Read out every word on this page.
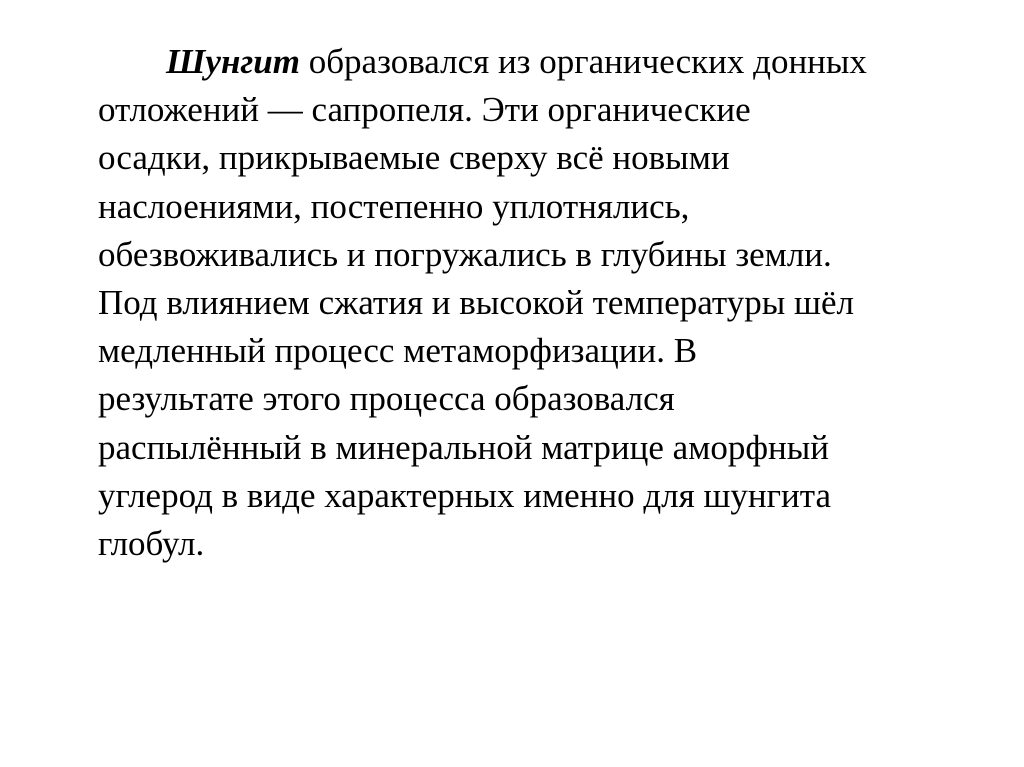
Шунгит образовался из органических донных
отложений — сапропеля. Эти органические
осадки, прикрываемые сверху всё новыми
наслоениями, постепенно уплотнялись,
обезвоживались и погружались в глубины земли.
Под влиянием сжатия и высокой температуры шёл
медленный процесс метаморфизации. В
результате этого процесса образовался
распылённый в минеральной матрице аморфный
углерод в виде характерных именно для шунгита
глобул.
